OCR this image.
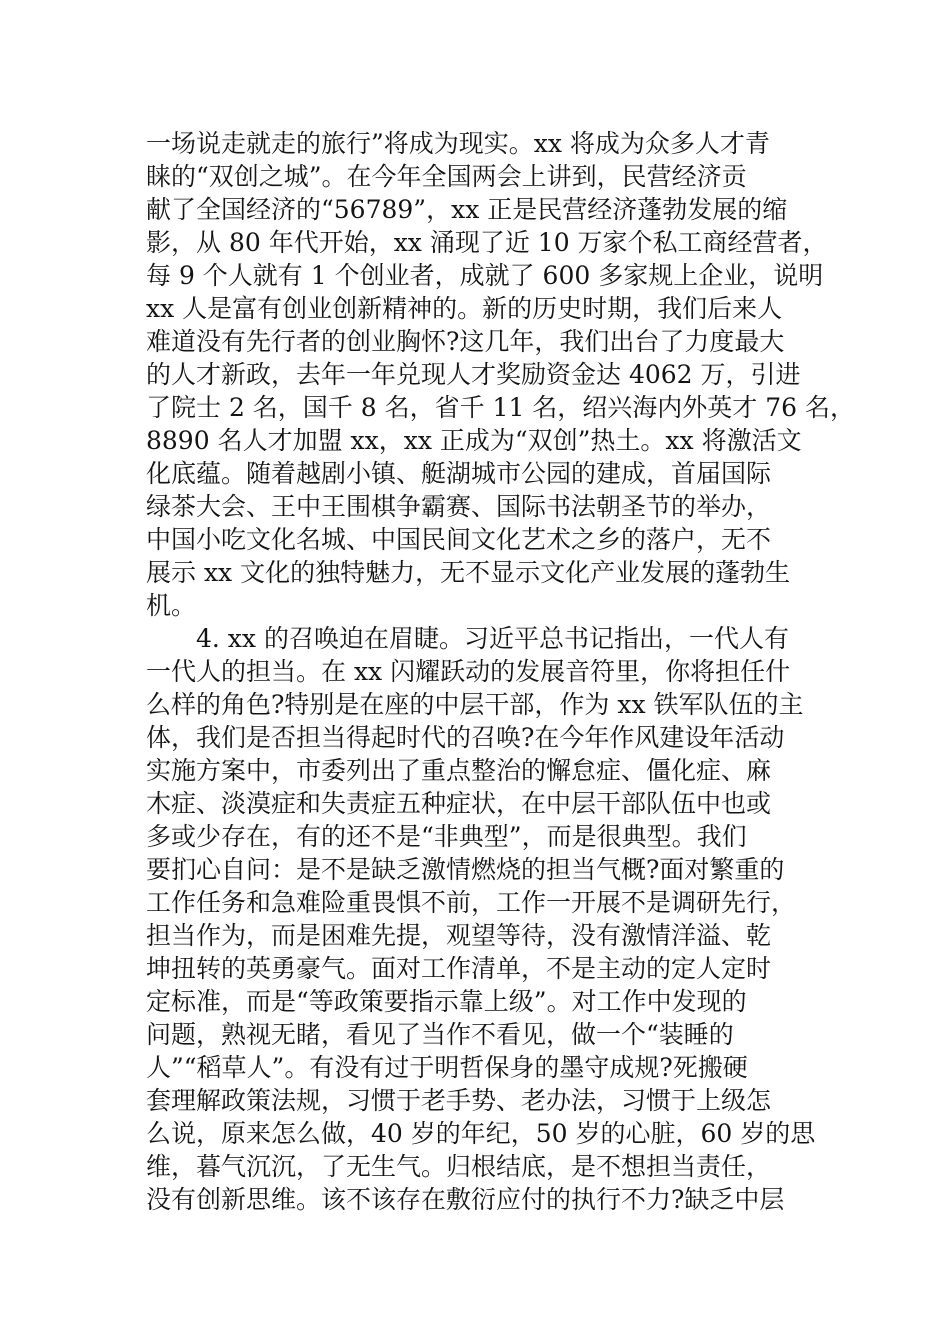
一场说走就走的旅行”将成为现实。xx 将成为众多人才青
睐的“双创之城”。在今年全国两会上讲到，民营经济贡
献了全国经济的“56789”，xx 正是民营经济蓬勃发展的缩
影，从 80 年代开始，xx 涌现了近 10 万家个私工商经营者，
每 9 个人就有 1 个创业者，成就了 600 多家规上企业，说明
xx 人是富有创业创新精神的。新的历史时期，我们后来人
难道没有先行者的创业胸怀?这几年，我们出台了力度最大
的人才新政，去年一年兑现人才奖励资金达 4062 万，引进
了院士 2 名，国千 8 名，省千 11 名，绍兴海内外英才 76 名，
8890 名人才加盟 xx，xx 正成为“双创”热土。xx 将激活文
化底蕴。随着越剧小镇、艇湖城市公园的建成，首届国际
绿茶大会、王中王围棋争霸赛、国际书法朝圣节的举办，
中国小吃文化名城、中国民间文化艺术之乡的落户，无不
展示 xx 文化的独特魅力，无不显示文化产业发展的蓬勃生
机。
4. xx 的召唤迫在眉睫。习近平总书记指出，一代人有
一代人的担当。在 xx 闪耀跃动的发展音符里，你将担任什
么样的角色?特别是在座的中层干部，作为 xx 铁军队伍的主
体，我们是否担当得起时代的召唤?在今年作风建设年活动
实施方案中，市委列出了重点整治的懈怠症、僵化症、麻
木症、淡漠症和失责症五种症状，在中层干部队伍中也或
多或少存在，有的还不是“非典型”，而是很典型。我们
要扪心自问：是不是缺乏激情燃烧的担当气概?面对繁重的
工作任务和急难险重畏惧不前，工作一开展不是调研先行，
担当作为，而是困难先提，观望等待，没有激情洋溢、乾
坤扭转的英勇豪气。面对工作清单，不是主动的定人定时
定标准，而是“等政策要指示靠上级”。对工作中发现的
问题，熟视无睹，看见了当作不看见，做一个“装睡的
人”“稻草人”。有没有过于明哲保身的墨守成规?死搬硬
套理解政策法规，习惯于老手势、老办法，习惯于上级怎
么说，原来怎么做，40 岁的年纪，50 岁的心脏，60 岁的思
维，暮气沉沉，了无生气。归根结底，是不想担当责任，
没有创新思维。该不该存在敷衍应付的执行不力?缺乏中层
